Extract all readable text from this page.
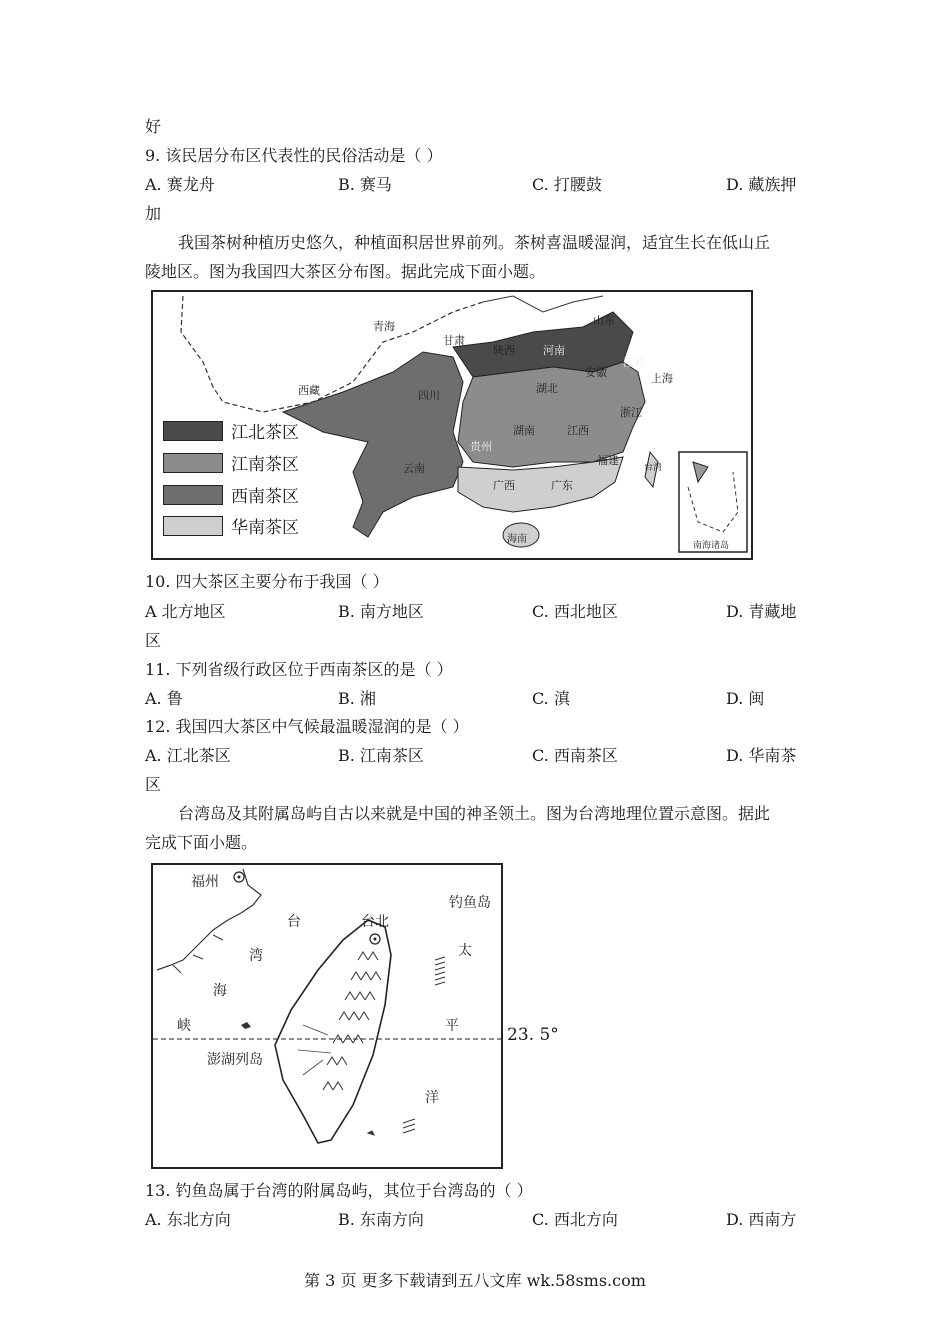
好
9. 该民居分布区代表性的民俗活动是（ ）
A. 赛龙舟	B. 赛马	C. 打腰鼓	D. 藏族押
加
我国茶树种植历史悠久，种植面积居世界前列。茶树喜温暖湿润，适宜生长在低山丘
陵地区。图为我国四大茶区分布图。据此完成下面小题。
江北茶区
江南茶区
西南茶区
华南茶区
青海
甘肃
陕西	河南
山东
江苏
上海
安徽
湖北
四川
西藏
浙江
江西
湖南
贵州
云南
广西	广东
福建
台湾
海南
南海诸岛
10. 四大茶区主要分布于我国（ ）
A 北方地区	B. 南方地区	C. 西北地区	D. 青藏地
区
11. 下列省级行政区位于西南茶区的是（ ）
A. 鲁	B. 湘	C. 滇	D. 闽
12. 我国四大茶区中气候最温暖湿润的是（ ）
A. 江北茶区	B. 江南茶区	C. 西南茶区	D. 华南茶
区
台湾岛及其附属岛屿自古以来就是中国的神圣领土。图为台湾地理位置示意图。据此
完成下面小题。
福州
台北
钓鱼岛
台
湾
海
峡
太
平
洋
澎湖列岛
23. 5°
13. 钓鱼岛属于台湾的附属岛屿，其位于台湾岛的（ ）
A. 东北方向	B. 东南方向	C. 西北方向	D. 西南方
第 3 页 更多下载请到五八文库 wk.58sms.com
